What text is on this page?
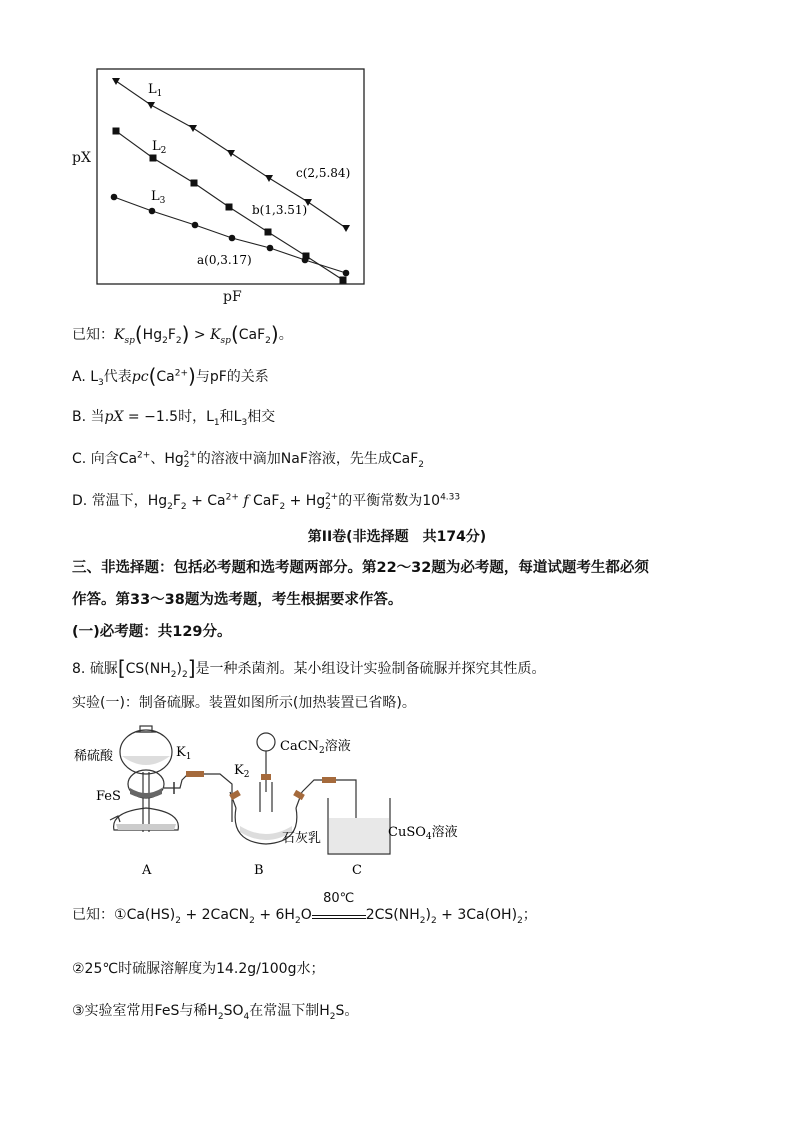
pX
pF
$L_1$
$L_2$
$L_3$
c(2,5.84)
b(1,3.51)
a(0,3.17)
已知：$K_{sp}(Hg_2F_2) > K_{sp}(CaF_2)$。
A. $L_3$代表$pc(Ca^{2+})$与pF的关系
B. 当pX = −1.5时，$L_1$和$L_3$相交
C. 向含$Ca^{2+}$、$Hg_2^{2+}$的溶液中滴加NaF溶液，先生成CaF$_2$
D. 常温下，$Hg_2F_2 + Ca^{2+}$ f $CaF_2 + Hg_2^{2+}$的平衡常数为$10^{4.33}$
第II卷(非选择题　共174分)
三、非选择题：包括必考题和选考题两部分。第22～32题为必考题，每道试题考生都必须
作答。第33～38题为选考题，考生根据要求作答。
(一)必考题：共129分。
8. 硫脲$[CS(NH_2)_2]$是一种杀菌剂。某小组设计实验制备硫脲并探究其性质。
实验(一)：制备硫脲。装置如图所示(加热装置已省略)。
稀硫酸
FeS
$K_1$
$K_2$
CaCN$_2$溶液
石灰乳	CuSO$_4$溶液
A	B	C
已知：$①Ca(HS)_2$ + 2CaCN$_2$ + $6H_2O$
80℃
$2CS(NH_2)_2 + 3Ca(OH)_2$；
②25℃时硫脲溶解度为14.2g/100g水；
③实验室常用FeS与稀$H_2SO_4$在常温下制$H_2S$。
